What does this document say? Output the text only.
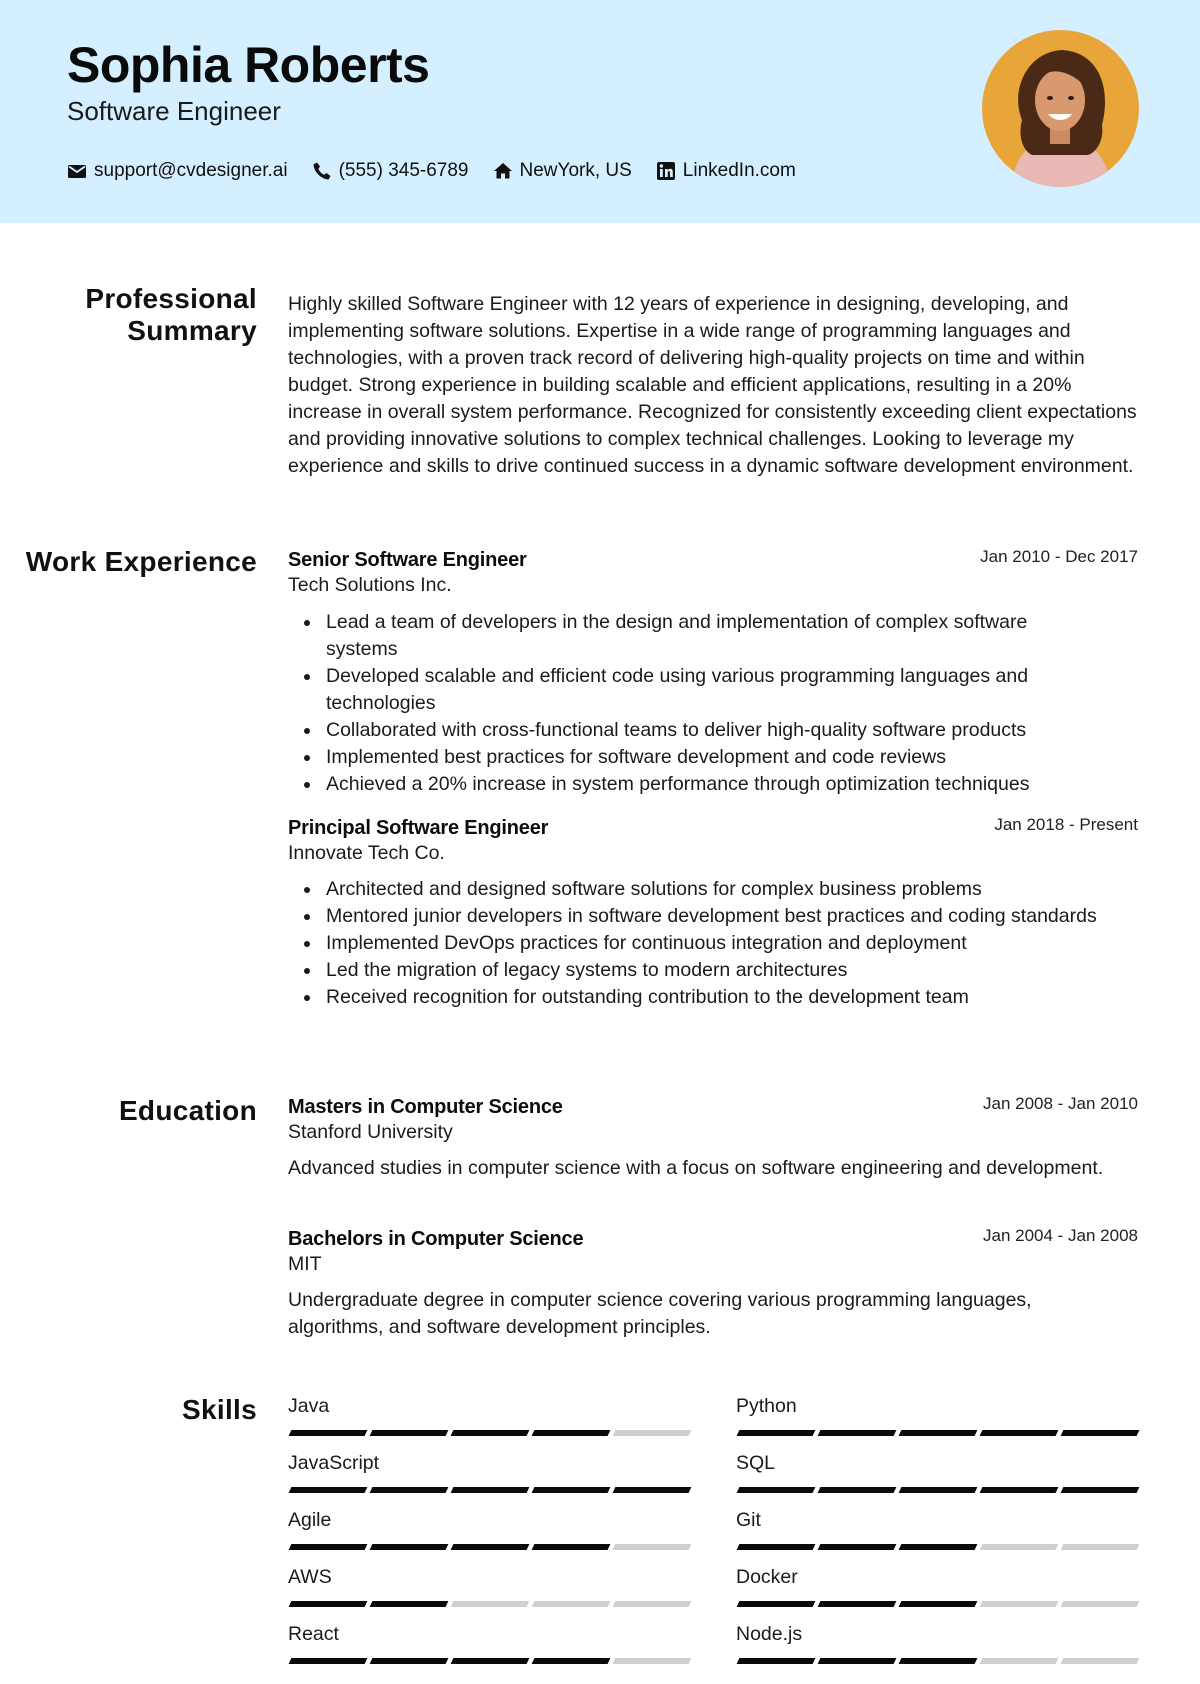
Sophia Roberts
Software Engineer
support@cvdesigner.ai	(555) 345-6789	NewYork, US	LinkedIn.com
Professional Summary
Highly skilled Software Engineer with 12 years of experience in designing, developing, and implementing software solutions. Expertise in a wide range of programming languages and technologies, with a proven track record of delivering high-quality projects on time and within budget. Strong experience in building scalable and efficient applications, resulting in a 20% increase in overall system performance. Recognized for consistently exceeding client expectations and providing innovative solutions to complex technical challenges. Looking to leverage my experience and skills to drive continued success in a dynamic software development environment.
Work Experience Senior Software Engineer	Jan 2010 - Dec 2017
Tech Solutions Inc.
Lead a team of developers in the design and implementation of complex software systems
Developed scalable and efficient code using various programming languages and technologies
Collaborated with cross-functional teams to deliver high-quality software products
Implemented best practices for software development and code reviews
Achieved a 20% increase in system performance through optimization techniques
Principal Software Engineer	Jan 2018 - Present
Innovate Tech Co.
Architected and designed software solutions for complex business problems
Mentored junior developers in software development best practices and coding standards
Implemented DevOps practices for continuous integration and deployment
Led the migration of legacy systems to modern architectures
Received recognition for outstanding contribution to the development team
Education Masters in Computer Science	Jan 2008 - Jan 2010
Stanford University
Advanced studies in computer science with a focus on software engineering and development.
Bachelors in Computer Science	Jan 2004 - Jan 2008
MIT
Undergraduate degree in computer science covering various programming languages, algorithms, and software development principles.
Skills Java	Python
JavaScript	SQL
Agile	Git
AWS	Docker
React	Node.js
